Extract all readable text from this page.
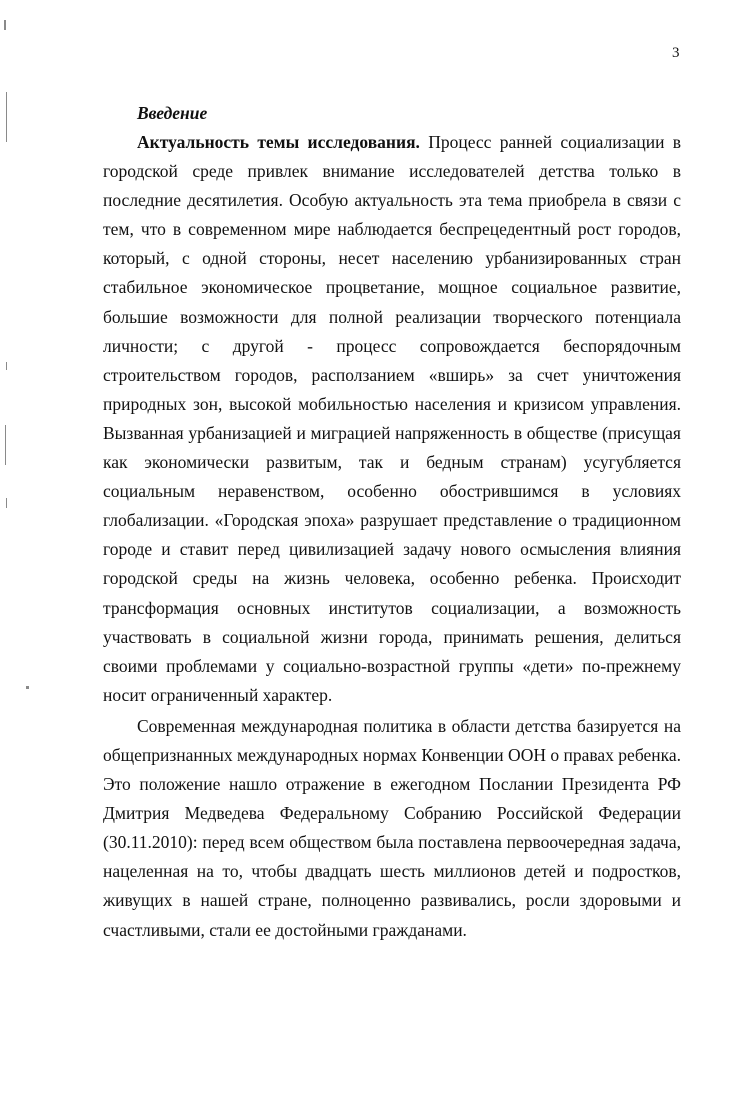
3

Введение

Актуальность темы исследования. Процесс ранней социализации в городской среде привлек внимание исследователей детства только в последние десятилетия. Особую актуальность эта тема приобрела в связи с тем, что в современном мире наблюдается беспрецедентный рост городов, который, с одной стороны, несет населению урбанизированных стран стабильное экономическое процветание, мощное социальное развитие, большие возможности для полной реализации творческого потенциала личности; с другой - процесс сопровождается беспорядочным строительством городов, расползанием «вширь» за счет уничтожения природных зон, высокой мобильностью населения и кризисом управления. Вызванная урбанизацией и миграцией напряженность в обществе (присущая как экономически развитым, так и бедным странам) усугубляется социальным неравенством, особенно обострившимся в условиях глобализации. «Городская эпоха» разрушает представление о традиционном городе и ставит перед цивилизацией задачу нового осмысления влияния городской среды на жизнь человека, особенно ребенка. Происходит трансформация основных институтов социализации, а возможность участвовать в социальной жизни города, принимать решения, делиться своими проблемами у социально-возрастной группы «дети» по-прежнему носит ограниченный характер.

Современная международная политика в области детства базируется на общепризнанных международных нормах Конвенции ООН о правах ребенка. Это положение нашло отражение в ежегодном Послании Президента РФ Дмитрия Медведева Федеральному Собранию Российской Федерации (30.11.2010): перед всем обществом была поставлена первоочередная задача, нацеленная на то, чтобы двадцать шесть миллионов детей и подростков, живущих в нашей стране, полноценно развивались, росли здоровыми и счастливыми, стали ее достойными гражданами.
